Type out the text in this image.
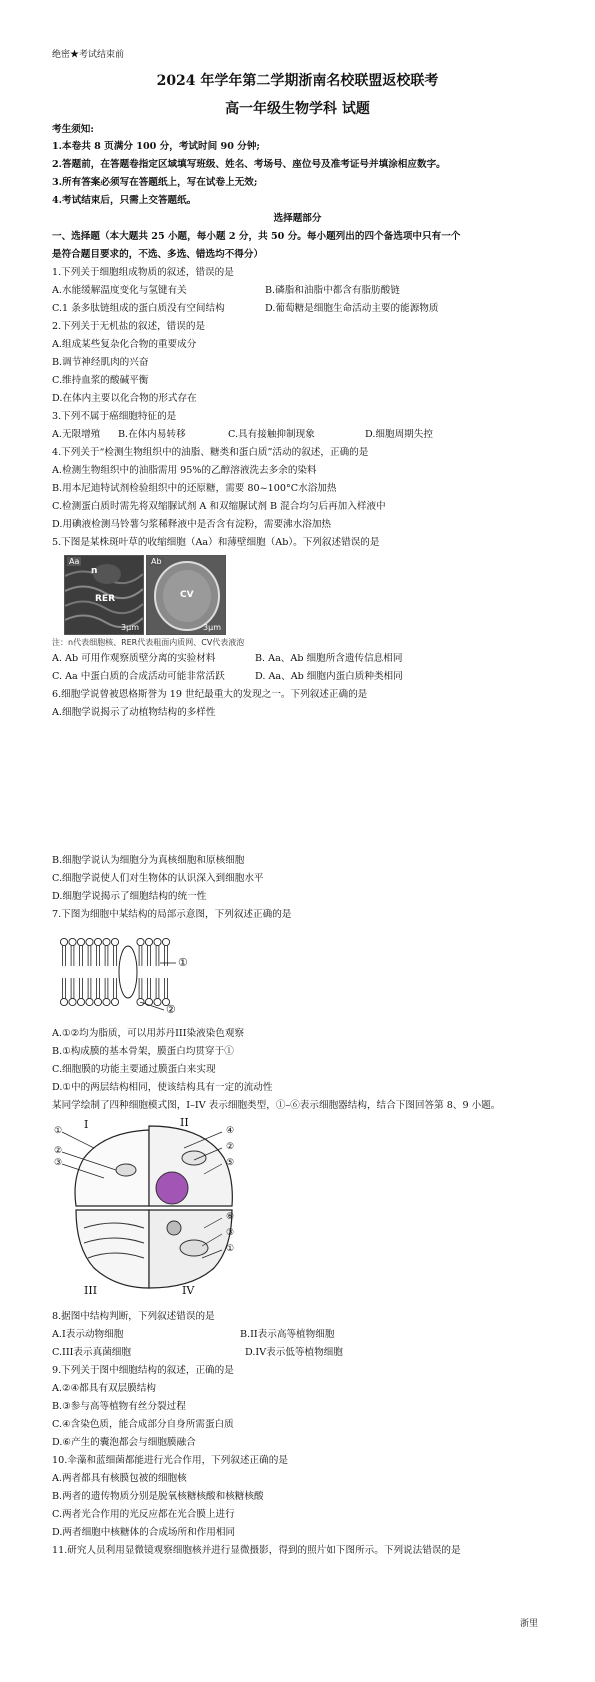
绝密★考试结束前
2024 年学年第二学期浙南名校联盟返校联考
高一年级生物学科 试题
考生须知:
1.本卷共 8 页满分 100 分，考试时间 90 分钟;
2.答题前，在答题卷指定区域填写班级、姓名、考场号、座位号及准考证号并填涂相应数字。
3.所有答案必须写在答题纸上，写在试卷上无效;
4.考试结束后，只需上交答题纸。
选择题部分
一、选择题（本大题共 25 小题，每小题 2 分，共 50 分。每小题列出的四个备选项中只有一个
是符合题目要求的，不选、多选、错选均不得分）
1.下列关于细胞组成物质的叙述，错误的是
A.水能缓解温度变化与氢键有关	B.磷脂和油脂中都含有脂肪酸链
C.1 条多肽链组成的蛋白质没有空间结构	D.葡萄糖是细胞生命活动主要的能源物质
2.下列关于无机盐的叙述，错误的是
A.组成某些复杂化合物的重要成分
B.调节神经肌肉的兴奋
C.维持血浆的酸碱平衡
D.在体内主要以化合物的形式存在
3.下列不属于癌细胞特征的是
A.无限增殖 B.在体内易转移	C.具有接触抑制现象	D.细胞周期失控
4.下列关于“检测生物组织中的油脂、糖类和蛋白质”活动的叙述，正确的是
A.检测生物组织中的油脂需用 95%的乙醇溶液洗去多余的染料
B.用本尼迪特试剂检验组织中的还原糖，需要 80~100°C水浴加热
C.检测蛋白质时需先将双缩脲试剂 A 和双缩脲试剂 B 混合均匀后再加入样液中
D.用碘液检测马铃薯匀浆稀释液中是否含有淀粉，需要沸水浴加热
5.下图是某株斑叶草的收缩细胞（Aa）和薄壁细胞（Ab）。下列叙述错误的是
Aa
n
RER
3μm
Ab
CV
3μm
注：n代表细胞核、RER代表粗面内质网、CV代表液泡
A. Ab 可用作观察质壁分离的实验材料	B. Aa、Ab 细胞所含遗传信息相同
C. Aa 中蛋白质的合成活动可能非常活跃	D. Aa、Ab 细胞内蛋白质种类相同
6.细胞学说曾被恩格斯誉为 19 世纪最重大的发现之一。下列叙述正确的是
A.细胞学说揭示了动植物结构的多样性
B.细胞学说认为细胞分为真核细胞和原核细胞
C.细胞学说使人们对生物体的认识深入到细胞水平
D.细胞学说揭示了细胞结构的统一性
7.下图为细胞中某结构的局部示意图，下列叙述正确的是
①
②
A.①②均为脂质，可以用苏丹III染液染色观察
B.①构成膜的基本骨架，膜蛋白均贯穿于①
C.细胞膜的功能主要通过膜蛋白来实现
D.①中的两层结构相同，使该结构具有一定的流动性
某同学绘制了四种细胞模式图，I–IV 表示细胞类型，①–⑥表示细胞器结构，结合下图回答第 8、9 小题。
I	II
III	IV
①
②
③
④
②
⑤
⑥
③
①
8.据图中结构判断，下列叙述错误的是
A.I表示动物细胞	B.II表示高等植物细胞
C.III表示真菌细胞	D.IV表示低等植物细胞
9.下列关于图中细胞结构的叙述，正确的是
A.②④都具有双层膜结构
B.③参与高等植物有丝分裂过程
C.④含染色质，能合成部分自身所需蛋白质
D.⑥产生的囊泡都会与细胞膜融合
10.伞藻和蓝细菌都能进行光合作用，下列叙述正确的是
A.两者都具有核膜包被的细胞核
B.两者的遗传物质分别是脱氧核糖核酸和核糖核酸
C.两者光合作用的光反应都在光合膜上进行
D.两者细胞中核糖体的合成场所和作用相同
11.研究人员利用显微镜观察细胞核并进行显微摄影，得到的照片如下图所示。下列说法错误的是
浙里
